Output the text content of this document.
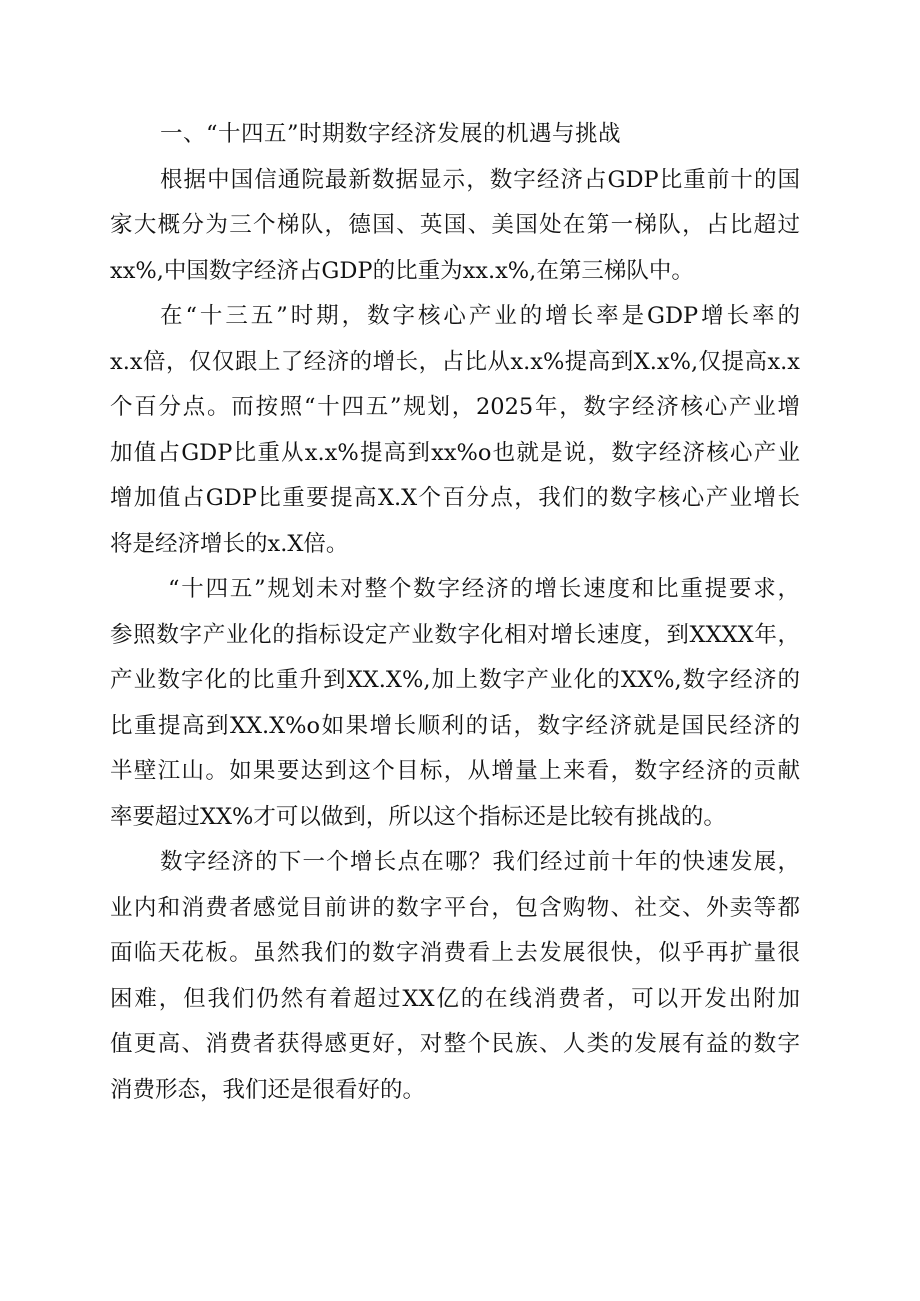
一、“十四五”时期数字经济发展的机遇与挑战
根据中国信通院最新数据显示，数字经济占GDP比重前十的国
家大概分为三个梯队，德国、英国、美国处在第一梯队，占比超过
xx%,中国数字经济占GDP的比重为xx.x%,在第三梯队中。
在“十三五”时期，数字核心产业的增长率是GDP增长率的
x.x倍，仅仅跟上了经济的增长，占比从x.x%提高到X.x%,仅提高x.x
个百分点。而按照“十四五”规划，2025年，数字经济核心产业增
加值占GDP比重从x.x%提高到xx%o也就是说，数字经济核心产业
增加值占GDP比重要提高X.X个百分点，我们的数字核心产业增长
将是经济增长的x.X倍。
“十四五”规划未对整个数字经济的增长速度和比重提要求，
参照数字产业化的指标设定产业数字化相对增长速度，到XXXX年，
产业数字化的比重升到XX.X%,加上数字产业化的XX%,数字经济的
比重提高到XX.X%o如果增长顺利的话，数字经济就是国民经济的
半壁江山。如果要达到这个目标，从增量上来看，数字经济的贡献
率要超过XX%才可以做到，所以这个指标还是比较有挑战的。
数字经济的下一个增长点在哪？我们经过前十年的快速发展，
业内和消费者感觉目前讲的数字平台，包含购物、社交、外卖等都
面临天花板。虽然我们的数字消费看上去发展很快，似乎再扩量很
困难，但我们仍然有着超过XX亿的在线消费者，可以开发出附加
值更高、消费者获得感更好，对整个民族、人类的发展有益的数字
消费形态，我们还是很看好的。
